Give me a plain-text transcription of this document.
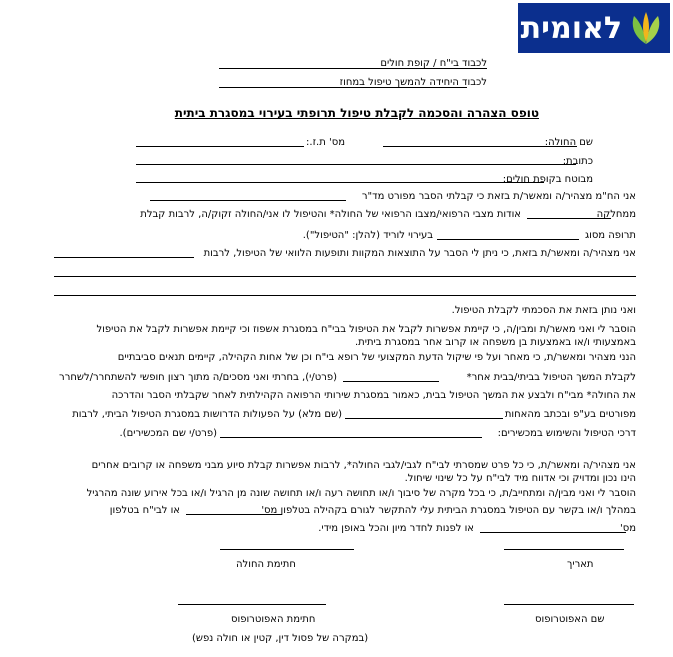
לאומית
לכבוד בי"ח / קופת חולים
לכבוד היחידה להמשך טיפול במחוז
טופס הצהרה והסכמה לקבלת טיפול תרופתי בעירוי במסגרת ביתית
שם החולה:
מס' ת.ז.:
כתובת:
מבוטח בקופת חולים:
אני הח"מ מצהיר/ה ומאשר/ת בזאת כי קבלתי הסבר מפורט מד"ר
ממחלקה
אודות מצבי הרפואי/מצבו הרפואי של החולה* והטיפול לו אני/החולה זקוק/ה, לרבות קבלת
תרופה מסוג
בעירוי לוריד (להלן: "הטיפול").
אני מצהיר/ה ומאשר/ת בזאת, כי ניתן לי הסבר על התוצאות המקוות ותופעות הלוואי של הטיפול, לרבות
ואני נותן בזאת את הסכמתי לקבלת הטיפול.
הוסבר לי ואני מאשר/ת ומבין/ה, כי קיימת אפשרות לקבל את הטיפול בבי"ח במסגרת אשפוז וכי קיימת אפשרות לקבל את הטיפול
באמצעותי ו/או באמצעות בן משפחה או קרוב אחר במסגרת ביתית.
הנני מצהיר ומאשר/ת, כי מאחר ועל פי שיקול הדעת המקצועי של רופא בי"ח וכן של אחות הקהילה, קיימים תנאים סביבתיים
לקבלת המשך הטיפול בביתי/בבית אחר*
(פרט/י), בחרתי ואני מסכים/ה מתוך רצון חופשי להשתחרר/לשחרר
את החולה* מבי"ח ולבצע את המשך הטיפול בבית, כאמור במסגרת שירותי הרפואה הקהילתית לאחר שקבלתי הסבר והדרכה
מפורטים בע"פ ובכתב מהאחות
(שם מלא) על הפעולות הדרושות במסגרת הטיפול הביתי, לרבות
דרכי הטיפול והשימוש במכשירים:
(פרט/י שם המכשירים).
אני מצהיר/ה ומאשר/ת, כי כל פרט שמסרתי לבי"ח לגבי/לגבי החולה*, לרבות אפשרות קבלת סיוע מבני משפחה או קרובים אחרים
הינו נכון ומדויק וכי אדווח מיד לבי"ח על כל שינוי שיחול.
הוסבר לי ואני מבין/ה ומתחייב/ת, כי בכל מקרה של סיבוך ו/או תחושה רעה ו/או תחושה שונה מן הרגיל ו/או בכל אירוע שונה מהרגיל
במהלך ו/או בקשר עם הטיפול במסגרת הביתית עלי להתקשר לגורם בקהילה בטלפון מס'
או לבי"ח בטלפון
מס'
או לפנות לחדר מיון והכל באופן מידי.
חתימת החולה	תאריך
חתימת האפוטרופוס	שם האפוטרופוס
(במקרה של פסול דין, קטין או חולה נפש)
